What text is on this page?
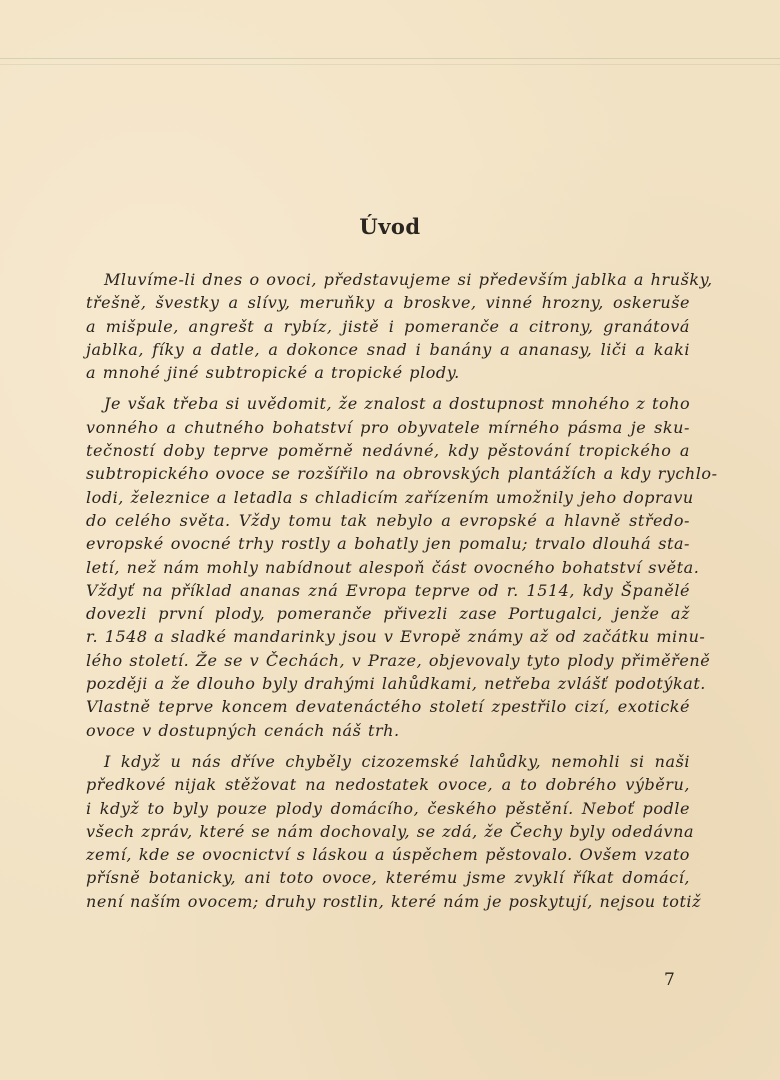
Úvod
Mluvíme-li dnes o ovoci, představujeme si především jablka a hrušky,
třešně, švestky a slívy, meruňky a broskve, vinné hrozny, oskeruše
a mišpule, angrešt a rybíz, jistě i pomeranče a citrony, granátová
jablka, fíky a datle, a dokonce snad i banány a ananasy, liči a kaki
a mnohé jiné subtropické a tropické plody.
Je však třeba si uvědomit, že znalost a dostupnost mnohého z toho
vonného a chutného bohatství pro obyvatele mírného pásma je sku-
tečností doby teprve poměrně nedávné, kdy pěstování tropického a
subtropického ovoce se rozšířilo na obrovských plantážích a kdy rychlo-
lodi, železnice a letadla s chladicím zařízením umožnily jeho dopravu
do celého světa. Vždy tomu tak nebylo a evropské a hlavně středo-
evropské ovocné trhy rostly a bohatly jen pomalu; trvalo dlouhá sta-
letí, než nám mohly nabídnout alespoň část ovocného bohatství světa.
Vždyť na příklad ananas zná Evropa teprve od r. 1514, kdy Španělé
dovezli první plody, pomeranče přivezli zase Portugalci, jenže až
r. 1548 a sladké mandarinky jsou v Evropě známy až od začátku minu-
lého století. Že se v Čechách, v Praze, objevovaly tyto plody přiměřeně
později a že dlouho byly drahými lahůdkami, netřeba zvlášť podotýkat.
Vlastně teprve koncem devatenáctého století zpestřilo cizí, exotické
ovoce v dostupných cenách náš trh.
I když u nás dříve chyběly cizozemské lahůdky, nemohli si naši
předkové nijak stěžovat na nedostatek ovoce, a to dobrého výběru,
i když to byly pouze plody domácího, českého pěstění. Neboť podle
všech zpráv, které se nám dochovaly, se zdá, že Čechy byly odedávna
zemí, kde se ovocnictví s láskou a úspěchem pěstovalo. Ovšem vzato
přísně botanicky, ani toto ovoce, kterému jsme zvyklí říkat domácí,
není naším ovocem; druhy rostlin, které nám je poskytují, nejsou totiž
7
